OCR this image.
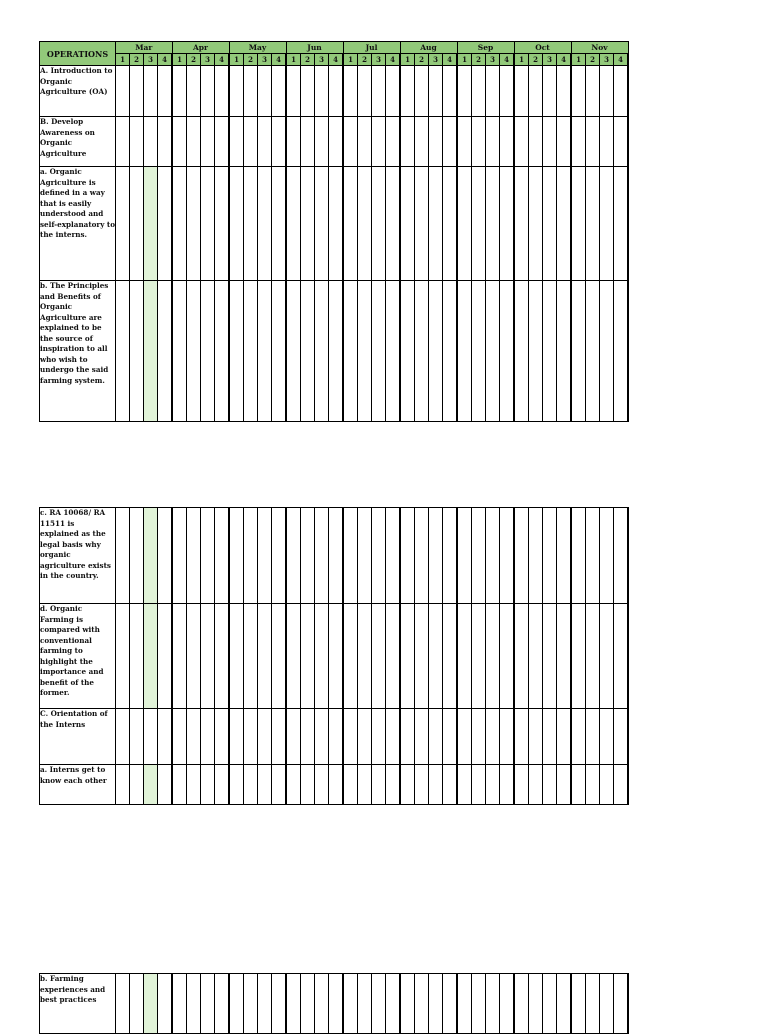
OPERATIONS	Mar				Apr				May				Jun				Jul				Aug				Sep				Oct				Nov			
	1	2	3	4	1	2	3	4	1	2	3	4	1	2	3	4	1	2	3	4	1	2	3	4	1	2	3	4	1	2	3	4	1	2	3	4
A. Introduction to Organic Agriculture (OA)																																				
B. Develop Awareness on Organic Agriculture																																				
a. Organic Agriculture is defined in a way that is easily understood and self-explanatory to the interns.																																				
b. The Principles and Benefits of Organic Agriculture are explained to be the source of inspiration to all who wish to undergo the said farming system.																																				
c. RA 10068/ RA 11511 is explained as the legal basis why organic agriculture exists in the country.																																				
d. Organic Farming is compared with conventional farming to highlight the importance and benefit of the former.																																				
C. Orientation of the Interns																																				
a. Interns get to know each other																																				
b. Farming experiences and best practices																																				
